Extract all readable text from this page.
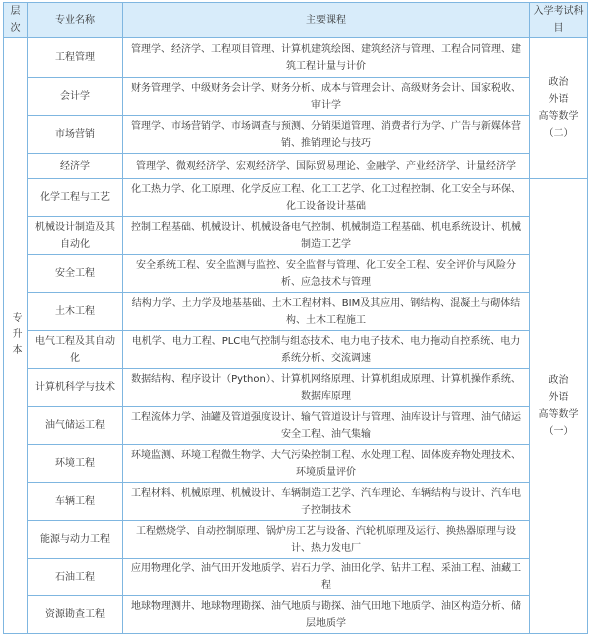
层次	专业名称	主要课程	入学考试科目
专升本	工程管理	管理学、经济学、工程项目管理、计算机建筑绘图、建筑经济与管理、工程合同管理、建筑工程计量与计价	政治
外语
高等数学
（二）

	会计学	财务管理学、中级财务会计学、财务分析、成本与管理会计、高级财务会计、国家税收、审计学	
	市场营销	管理学、市场营销学、市场调查与预测、分销渠道管理、消费者行为学、广告与新媒体营销、推销理论与技巧	
	经济学	管理学、微观经济学、宏观经济学、国际贸易理论、金融学、产业经济学、计量经济学	
	化学工程与工艺	化工热力学、化工原理、化学反应工程、化工工艺学、化工过程控制、化工安全与环保、化工设备设计基础	政治
外语
高等数学
（一）

	机械设计制造及其自动化	控制工程基础、机械设计、机械设备电气控制、机械制造工程基础、机电系统设计、机械制造工艺学	
	安全工程	安全系统工程、安全监测与监控、安全监督与管理、化工安全工程、安全评价与风险分析、应急技术与管理	
	土木工程	结构力学、土力学及地基基础、土木工程材料、BIM及其应用、钢结构、混凝土与砌体结构、土木工程施工	
	电气工程及其自动化	电机学、电力工程、PLC电气控制与组态技术、电力电子技术、电力拖动自控系统、电力系统分析、交流调速	
	计算机科学与技术	数据结构、程序设计（Python）、计算机网络原理、计算机组成原理、计算机操作系统、数据库原理	
	油气储运工程	工程流体力学、油罐及管道强度设计、输气管道设计与管理、油库设计与管理、油气储运安全工程、油气集输	
	环境工程	环境监测、环境工程微生物学、大气污染控制工程、水处理工程、固体废弃物处理技术、环境质量评价	
	车辆工程	工程材料、机械原理、机械设计、车辆制造工艺学、汽车理论、车辆结构与设计、汽车电子控制技术	
	能源与动力工程	工程燃烧学、自动控制原理、锅炉房工艺与设备、汽轮机原理及运行、换热器原理与设计、热力发电厂	
	石油工程	应用物理化学、油气田开发地质学、岩石力学、油田化学、钻井工程、采油工程、油藏工程	
	资源勘查工程	地球物理测井、地球物理勘探、油气地质与勘探、油气田地下地质学、油区构造分析、储层地质学	
